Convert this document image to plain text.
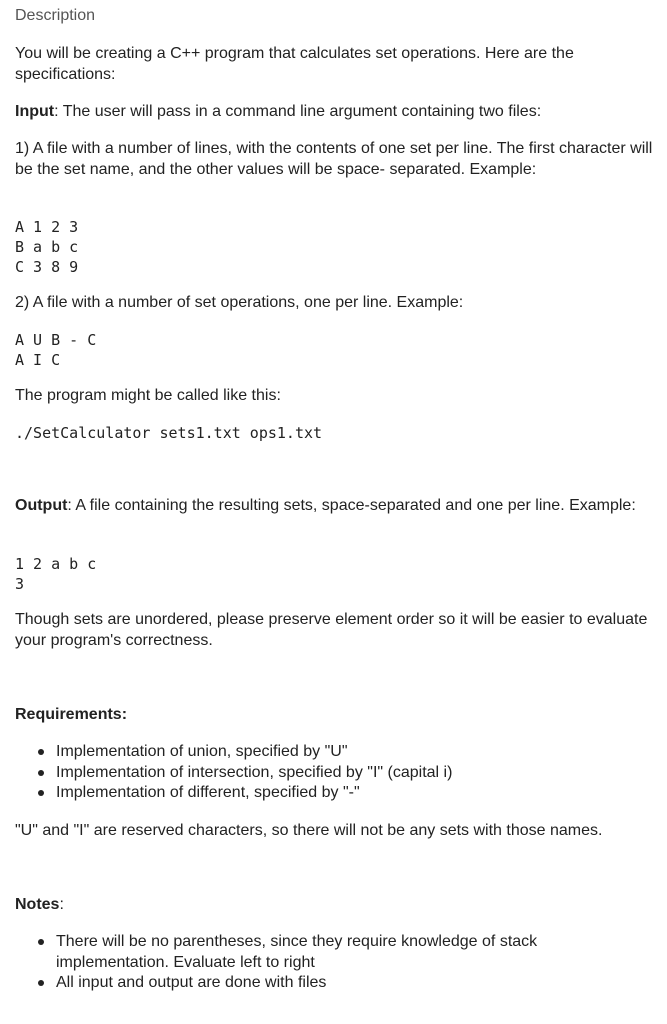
Description

You will be creating a C++ program that calculates set operations. Here are the specifications:

Input: The user will pass in a command line argument containing two files:

1) A file with a number of lines, with the contents of one set per line. The first character will be the set name, and the other values will be space- separated. Example:

A 1 2 3
B a b c
C 3 8 9

2) A file with a number of set operations, one per line. Example:

A U B - C
A I C

The program might be called like this:

./SetCalculator sets1.txt ops1.txt

Output: A file containing the resulting sets, space-separated and one per line. Example:

1 2 a b c
3

Though sets are unordered, please preserve element order so it will be easier to evaluate your program's correctness.

Requirements:
Implementation of union, specified by "U"
Implementation of intersection, specified by "I" (capital i)
Implementation of different, specified by "-"

"U" and "I" are reserved characters, so there will not be any sets with those names.

Notes:
There will be no parentheses, since they require knowledge of stack implementation. Evaluate left to right
All input and output are done with files
